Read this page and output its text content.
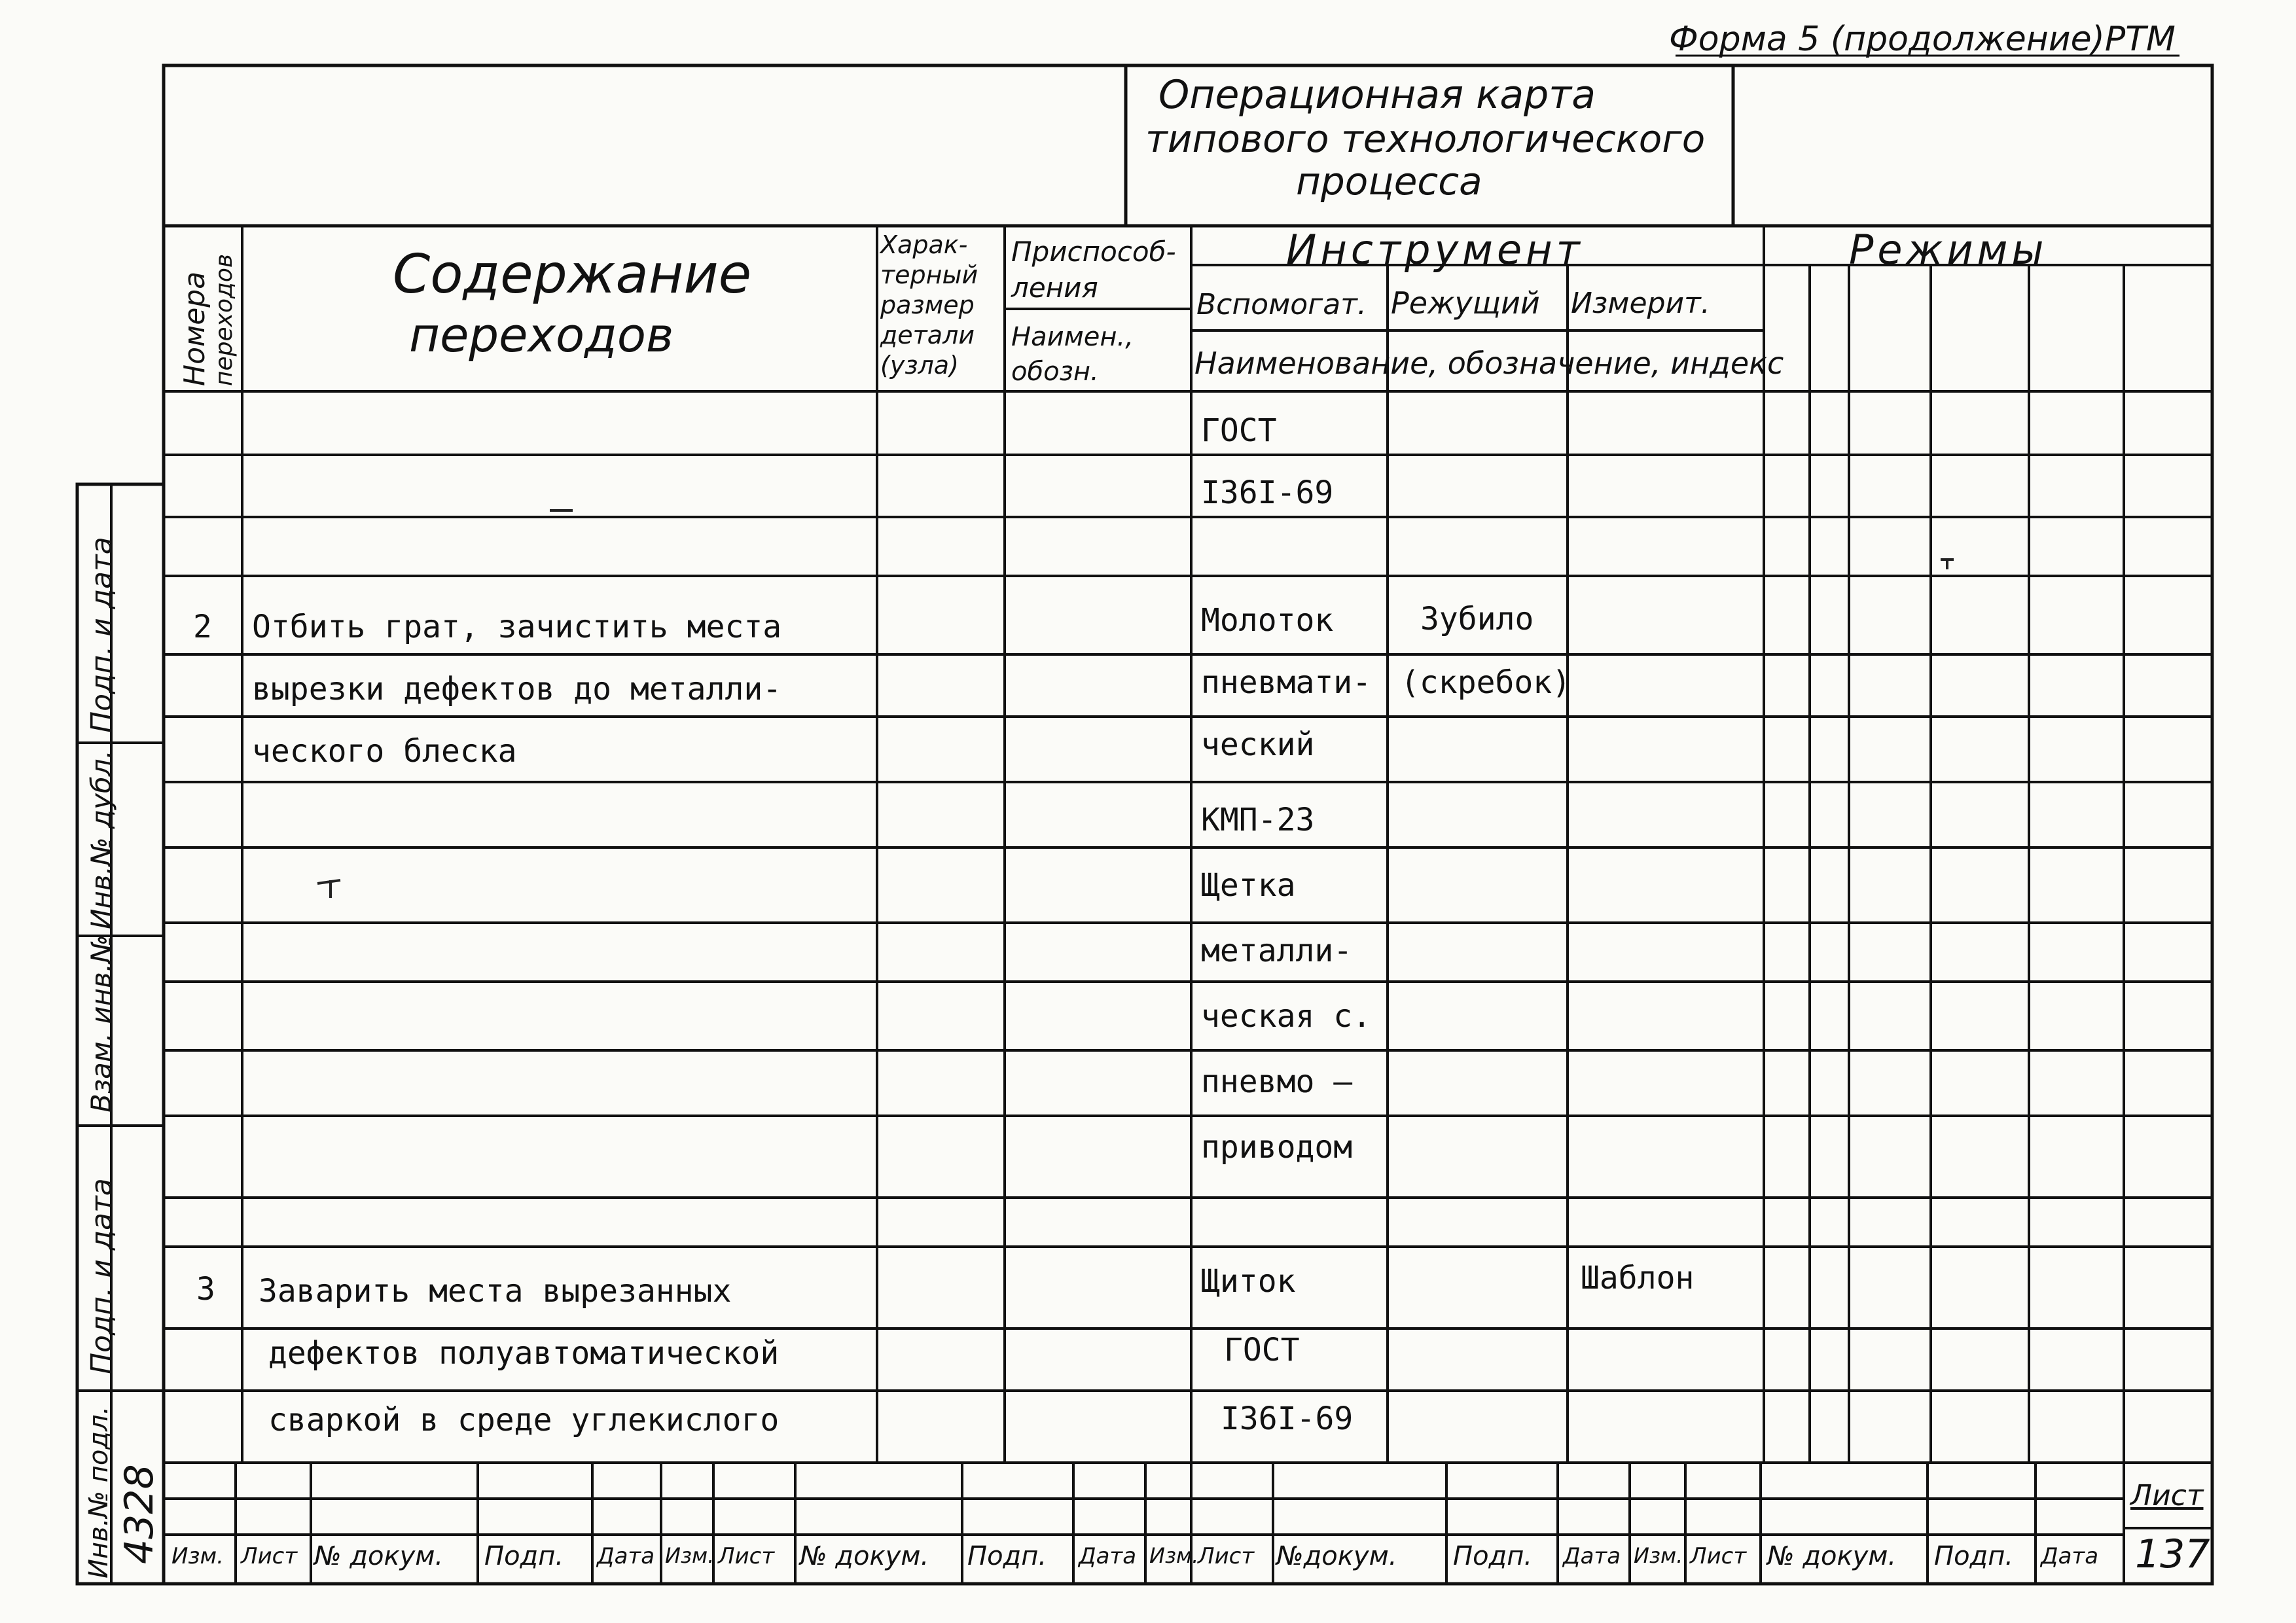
Форма 5 (продолжение)РТМ
Операционная карта
типового технологического
процесса
Номера переходов	Содержание
переходов
Харак-
терный
размер
детали
(узла)
Приспособ-
ления
Наимен.,
обозн.
Инструмент
Вспомогат. Режущий Измерит.
Наименование, обозначение, индекс
Режимы
2
3
Отбить грат, зачистить места
вырезки дефектов до металли-
ческого блеска
Заварить места вырезанных
дефектов полуавтоматической
сваркой в среде углекислого
ГОСТ
I36I-69
Молоток
пневмати-
ческий
КМП-23
Щетка
металли-
ческая с.
пневмо –
приводом
Щиток
ГОСТ
I36I-69
Зубило
(скребок)
Шаблон
Инв.№ подл. 4328
Подп. и дата
Взам. инв.№
Инв.№ дубл.
Подп. и дата
Изм. Лист № докум. Подп. Дата Изм. Лист № докум. Подп. Дата Изм.
Лист №докум. Подп. Дата Изм. Лист № докум. Подп. Дата
Лист
137
